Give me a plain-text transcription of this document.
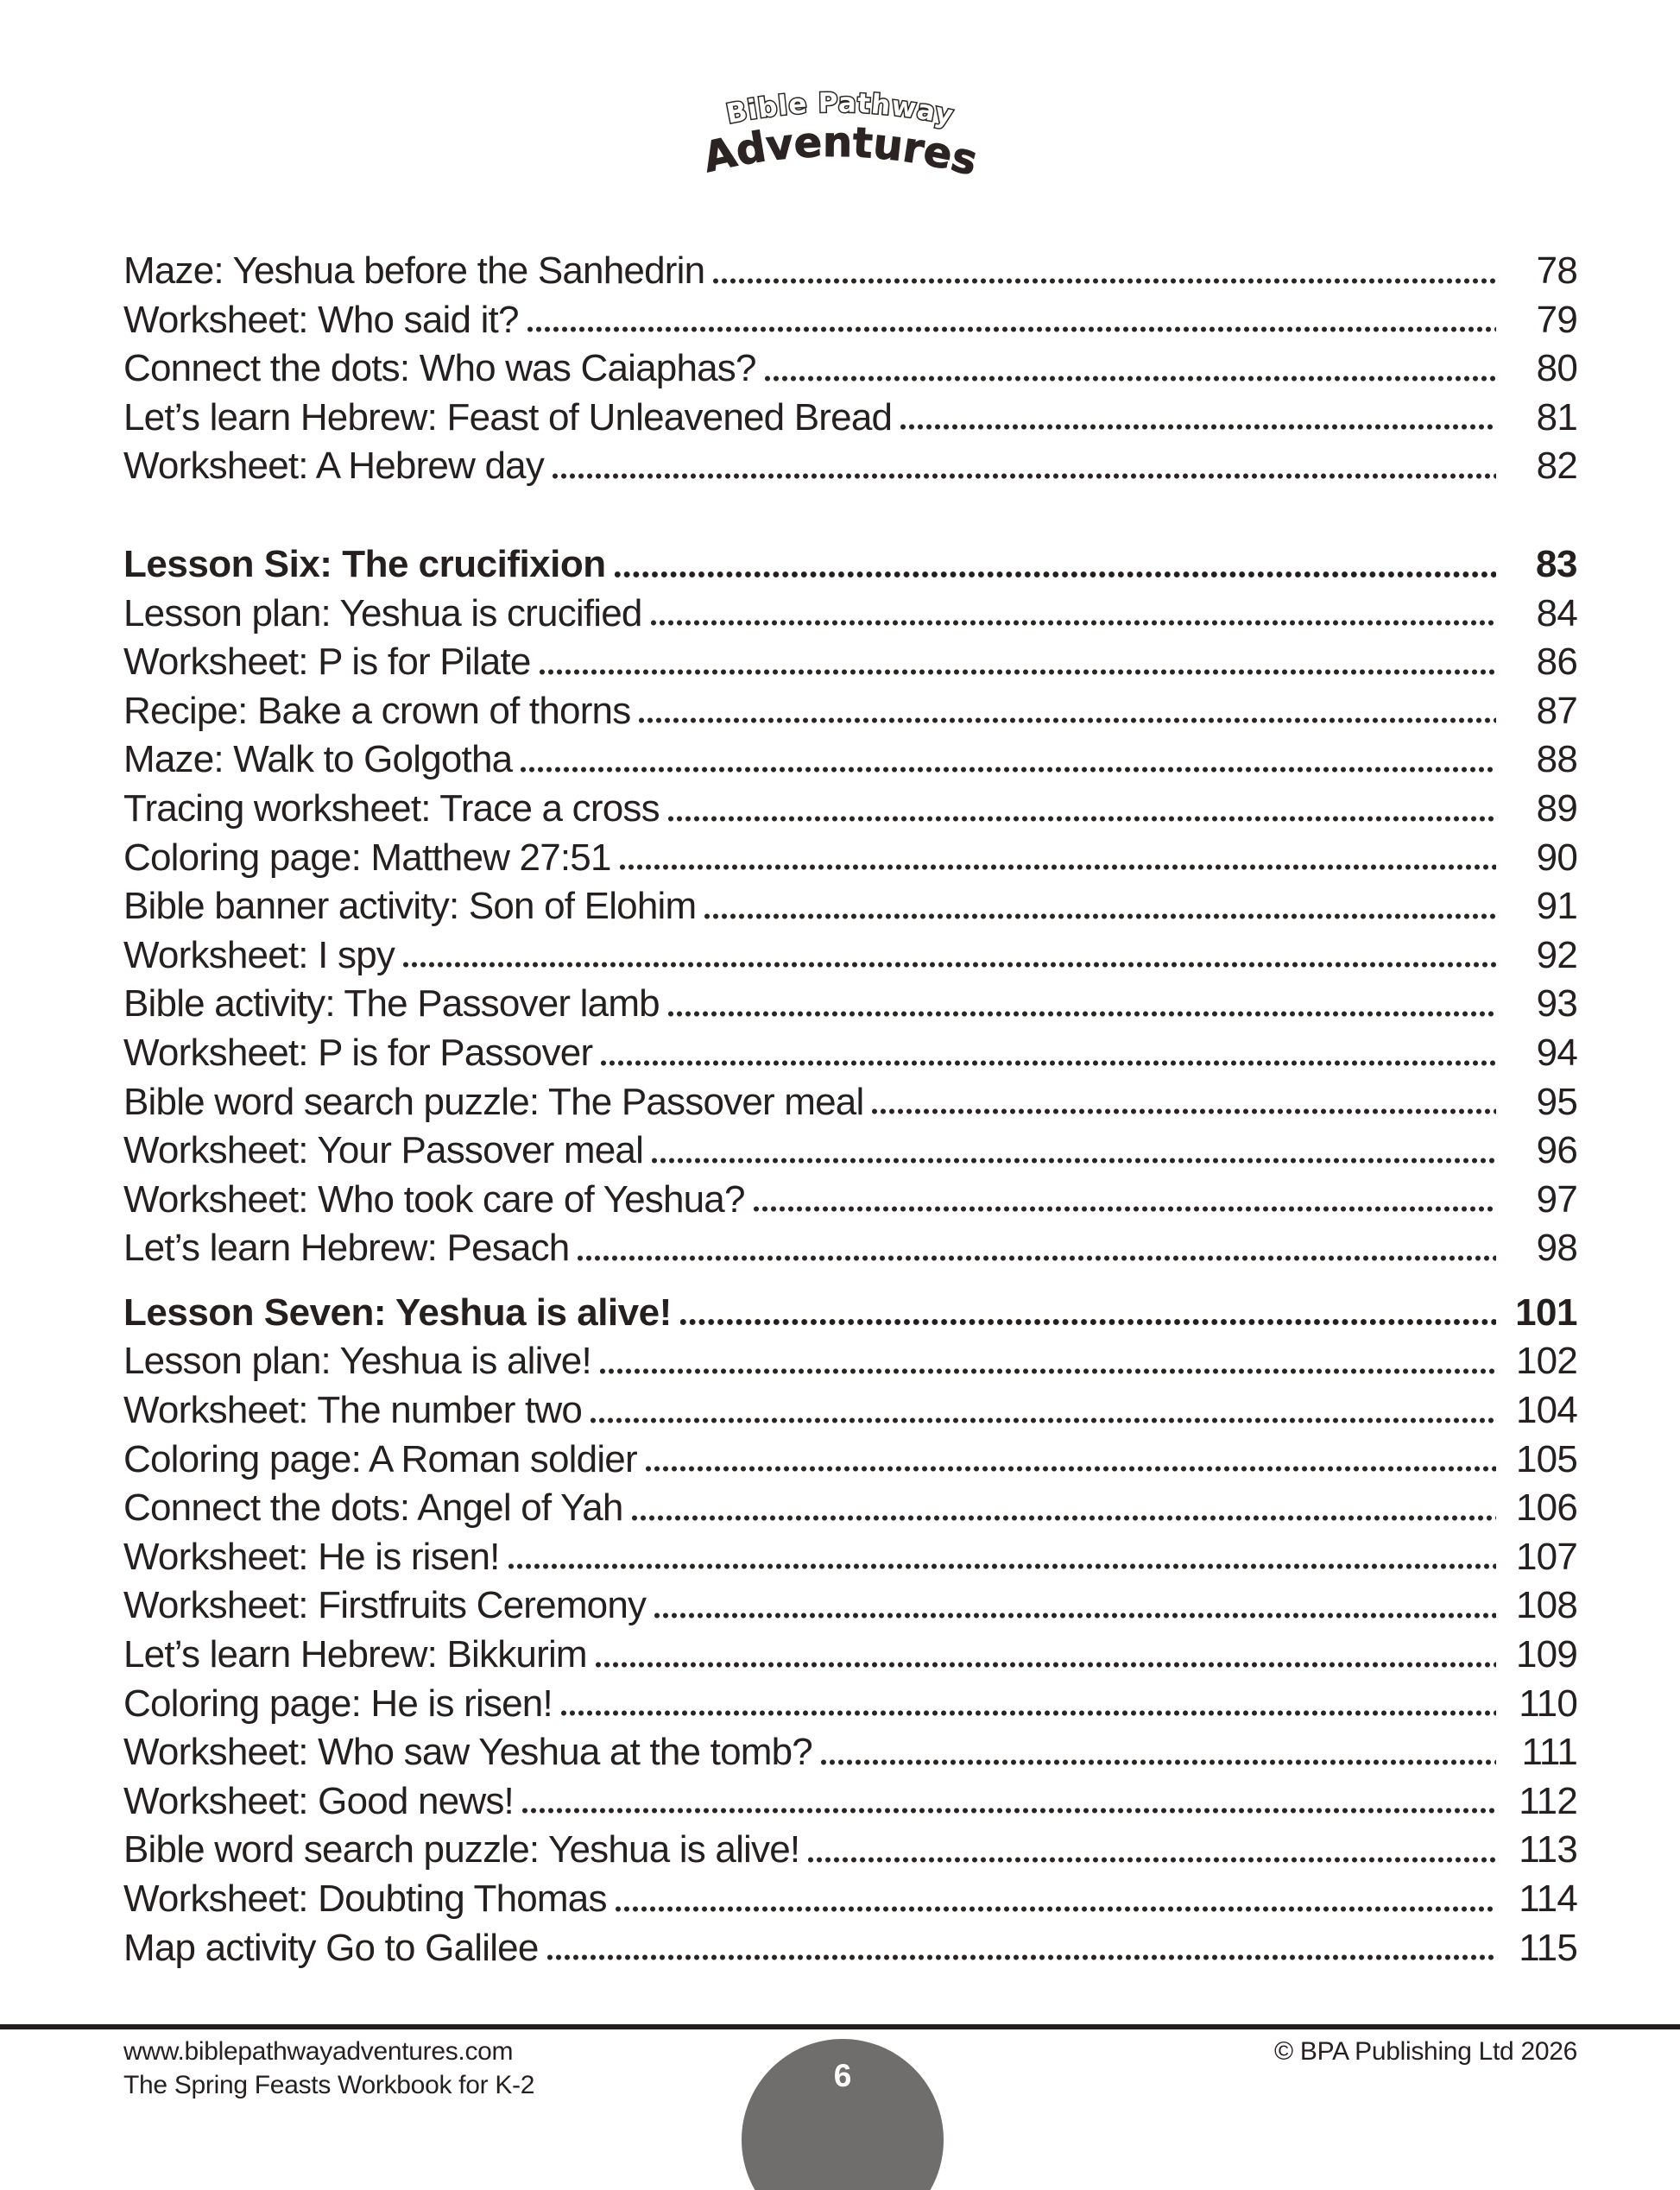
Bible Pathway
Adventures
Maze: Yeshua before the Sanhedrin	78
Worksheet: Who said it?	79
Connect the dots: Who was Caiaphas?	80
Let’s learn Hebrew: Feast of Unleavened Bread	81
Worksheet: A Hebrew day	82
Lesson Six: The crucifixion	83
Lesson plan: Yeshua is crucified	84
Worksheet: P is for Pilate	86
Recipe: Bake a crown of thorns	87
Maze: Walk to Golgotha	88
Tracing worksheet: Trace a cross	89
Coloring page: Matthew 27:51	90
Bible banner activity: Son of Elohim	91
Worksheet: I spy	92
Bible activity: The Passover lamb	93
Worksheet: P is for Passover	94
Bible word search puzzle: The Passover meal	95
Worksheet: Your Passover meal	96
Worksheet: Who took care of Yeshua?	97
Let’s learn Hebrew: Pesach	98
Lesson Seven: Yeshua is alive!	101
Lesson plan: Yeshua is alive!	102
Worksheet: The number two	104
Coloring page: A Roman soldier	105
Connect the dots: Angel of Yah	106
Worksheet: He is risen!	107
Worksheet: Firstfruits Ceremony	108
Let’s learn Hebrew: Bikkurim	109
Coloring page: He is risen!	110
Worksheet: Who saw Yeshua at the tomb?	111
Worksheet: Good news!	112
Bible word search puzzle: Yeshua is alive!	113
Worksheet: Doubting Thomas	114
Map activity Go to Galilee	115
www.biblepathwayadventures.com
The Spring Feasts Workbook for K-2
© BPA Publishing Ltd 2026
6
